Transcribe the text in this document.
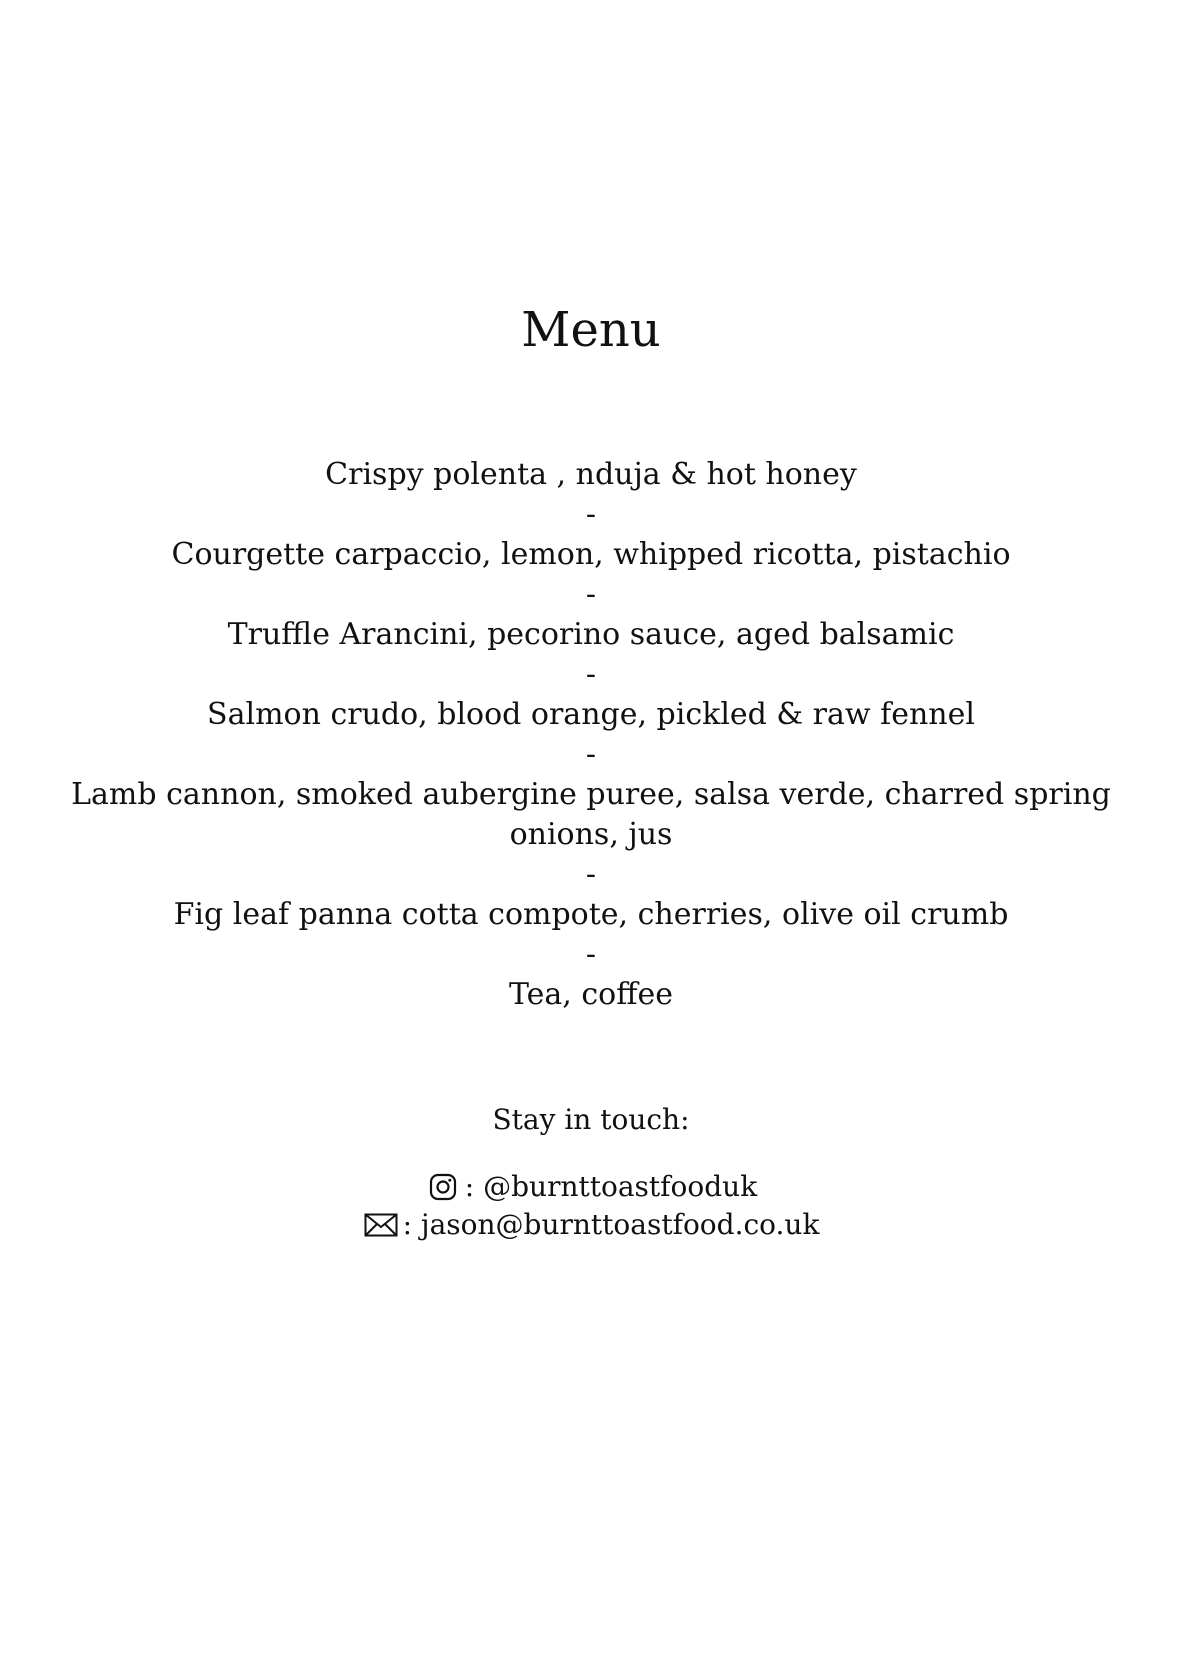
Menu
Crispy polenta , nduja & hot honey
-
Courgette carpaccio, lemon, whipped ricotta, pistachio
-
Truffle Arancini, pecorino sauce, aged balsamic
-
Salmon crudo, blood orange, pickled & raw fennel
-
Lamb cannon, smoked aubergine puree, salsa verde, charred spring onions, jus
-
Fig leaf panna cotta compote, cherries, olive oil crumb
-
Tea, coffee
Stay in touch:
: @burnttoastfooduk
: jason@burnttoastfood.co.uk
